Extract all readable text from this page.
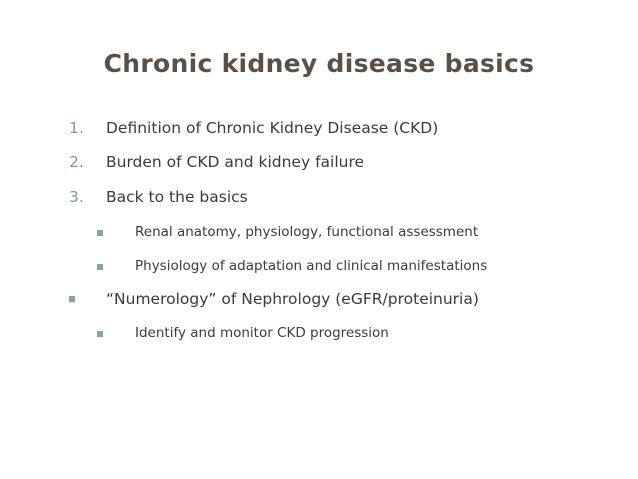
Chronic kidney disease basics
1. Definition of Chronic Kidney Disease (CKD)
2. Burden of CKD and kidney failure
3. Back to the basics
Renal anatomy, physiology, functional assessment
Physiology of adaptation and clinical manifestations
“Numerology” of Nephrology (eGFR/proteinuria)
Identify and monitor CKD progression
